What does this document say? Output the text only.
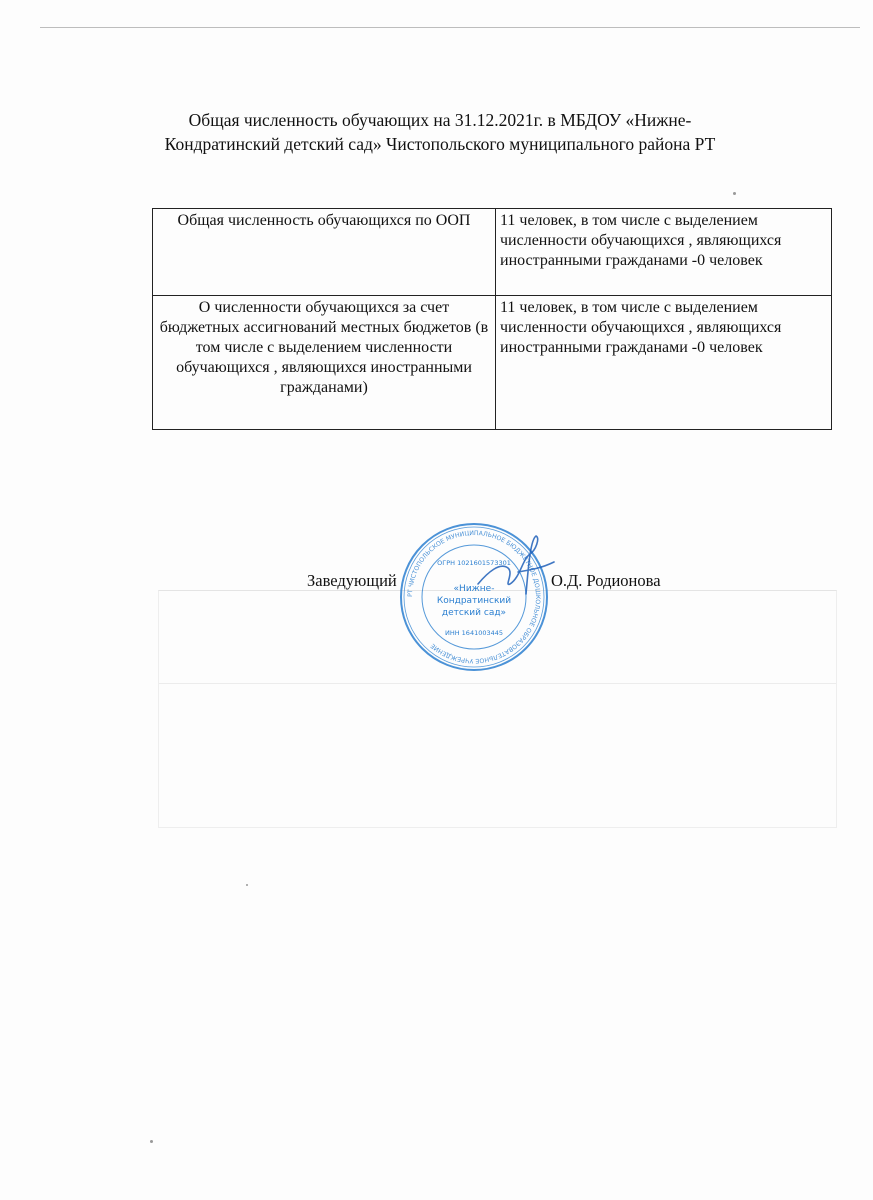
Общая численность обучающих на 31.12.2021г. в МБДОУ «Нижне-
Кондратинский детский сад» Чистопольского муниципального района РТ
Общая численность обучающихся по ООП	11 человек, в том числе с выделением численности обучающихся , являющихся иностранными гражданами -0 человек
О численности обучающихся за счет бюджетных ассигнований местных бюджетов (в том числе с выделением численности обучающихся , являющихся иностранными гражданами)	11 человек, в том числе с выделением численности обучающихся , являющихся иностранными гражданами -0 человек
Заведующий	О.Д. Родионова
РТ ЧИСТОПОЛЬСКОЕ МУНИЦИПАЛЬНОЕ БЮДЖЕТНОЕ ДОШКОЛЬНОЕ ОБРАЗОВАТЕЛЬНОЕ УЧРЕЖДЕНИЕ
ОГРН 1021601573301
«Нижне-
Кондратинский
детский сад»
ИНН 1641003445
